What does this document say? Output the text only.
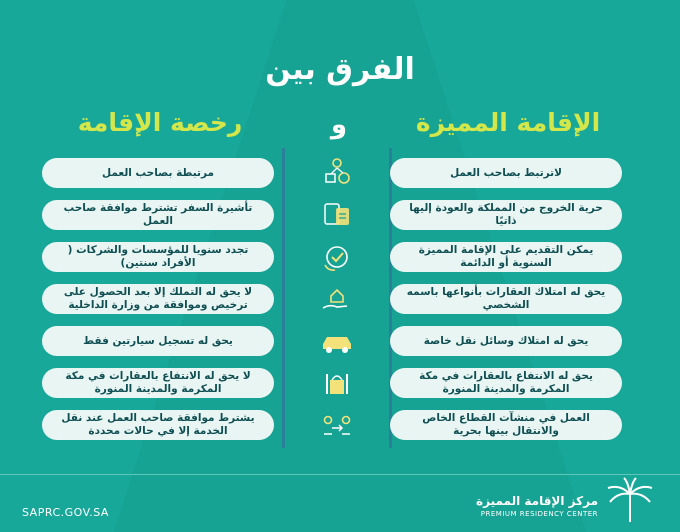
الفرق بين
الإقامة المميزة
و
رخصة الإقامة
لاترتبط بصاحب العمل
مرتبطة بصاحب العمل
حرية الخروج من المملكة والعودة إليها ذاتيًا
تأشيرة السفر تشترط موافقة صاحب العمل
يمكن التقديم على الإقامة المميزة السنوية أو الدائمة
تجدد سنويا للمؤسسات والشركات ( الأفراد سنتين)
يحق له امتلاك العقارات بأنواعها باسمه الشخصي
لا يحق له التملك إلا بعد الحصول على ترخيص وموافقة من وزارة الداخلية
يحق له امتلاك وسائل نقل خاصة
يحق له تسجيل سيارتين فقط
يحق له الانتفاع بالعقارات في مكة المكرمة والمدينة المنورة
لا يحق له الانتفاع بالعقارات في مكة المكرمة والمدينة المنورة
العمل في منشآت القطاع الخاص والانتقال بينها بحرية
يشترط موافقة صاحب العمل عند نقل الخدمة إلا في حالات محددة
SAPRC.GOV.SA
مركز الإقامة المميزة
PREMIUM RESIDENCY CENTER
